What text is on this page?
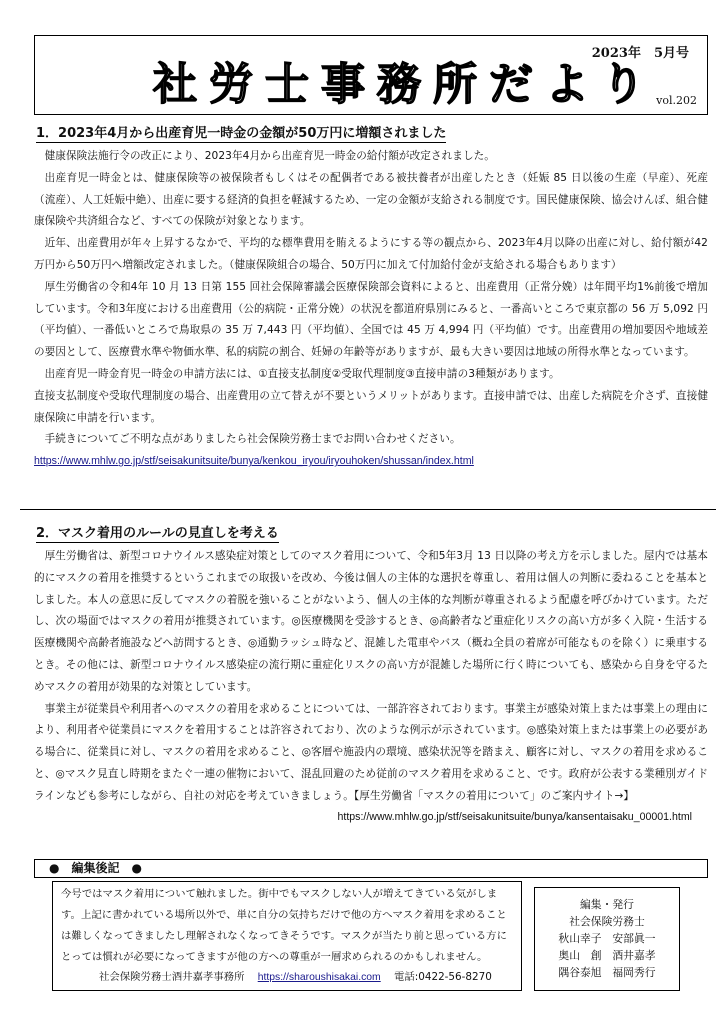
社労士事務所だより
2023年　5月号
vol.202
1．2023年4月から出産育児一時金の金額が50万円に増額されました

健康保険法施行令の改正により、2023年4月から出産育児一時金の給付額が改定されました。

出産育児一時金とは、健康保険等の被保険者もしくはその配偶者である被扶養者が出産したとき（妊娠 85 日以後の生産（早産）、死産（流産）、人工妊娠中絶）、出産に要する経済的負担を軽減するため、一定の金額が支給される制度です。国民健康保険、協会けんぽ、組合健康保険や共済組合など、すべての保険が対象となります。

近年、出産費用が年々上昇するなかで、平均的な標準費用を賄えるようにする等の観点から、2023年4月以降の出産に対し、給付額が42万円から50万円へ増額改定されました。（健康保険組合の場合、50万円に加えて付加給付金が支給される場合もあります）

厚生労働省の令和4年 10 月 13 日第 155 回社会保障審議会医療保険部会資料によると、出産費用（正常分娩）は年間平均1%前後で増加しています。令和3年度における出産費用（公的病院・正常分娩）の状況を都道府県別にみると、一番高いところで東京都の 56 万 5,092 円（平均値）、一番低いところで鳥取県の 35 万 7,443 円（平均値）、全国では 45 万 4,994 円（平均値）です。出産費用の増加要因や地域差の要因として、医療費水準や物価水準、私的病院の割合、妊婦の年齢等がありますが、最も大きい要因は地域の所得水準となっています。

出産育児一時金育児一時金の申請方法には、①直接支払制度②受取代理制度③直接申請の3種類があります。

直接支払制度や受取代理制度の場合、出産費用の立て替えが不要というメリットがあります。直接申請では、出産した病院を介さず、直接健康保険に申請を行います。

手続きについてご不明な点がありましたら社会保険労務士までお問い合わせください。

https://www.mhlw.go.jp/stf/seisakunitsuite/bunya/kenkou_iryou/iryouhoken/shussan/index.html
2．マスク着用のルールの見直しを考える

厚生労働省は、新型コロナウイルス感染症対策としてのマスク着用について、令和5年3月 13 日以降の考え方を示しました。屋内では基本的にマスクの着用を推奨するというこれまでの取扱いを改め、今後は個人の主体的な選択を尊重し、着用は個人の判断に委ねることを基本としました。本人の意思に反してマスクの着脱を強いることがないよう、個人の主体的な判断が尊重されるよう配慮を呼びかけています。ただし、次の場面ではマスクの着用が推奨されています。◎医療機関を受診するとき、◎高齢者など重症化リスクの高い方が多く入院・生活する医療機関や高齢者施設などへ訪問するとき、◎通勤ラッシュ時など、混雑した電車やバス（概ね全員の着席が可能なものを除く）に乗車するとき。その他には、新型コロナウイルス感染症の流行期に重症化リスクの高い方が混雑した場所に行く時についても、感染から自身を守るためマスクの着用が効果的な対策としています。

事業主が従業員や利用者へのマスクの着用を求めることについては、一部許容されております。事業主が感染対策上または事業上の理由により、利用者や従業員にマスクを着用することは許容されており、次のような例示が示されています。◎感染対策上または事業上の必要がある場合に、従業員に対し、マスクの着用を求めること、◎客層や施設内の環境、感染状況等を踏まえ、顧客に対し、マスクの着用を求めること、◎マスク見直し時期をまたぐ一連の催物において、混乱回避のため従前のマスク着用を求めること、です。政府が公表する業種別ガイドラインなども参考にしながら、自社の対応を考えていきましょう。【厚生労働省「マスクの着用について」のご案内サイト→】

https://www.mhlw.go.jp/stf/seisakunitsuite/bunya/kansentaisaku_00001.html
●　編集後記　●

今号ではマスク着用について触れました。街中でもマスクしない人が増えてきている気がします。上記に書かれている場所以外で、単に自分の気持ちだけで他の方へマスク着用を求めることは難しくなってきましたし理解されなくなってきそうです。マスクが当たり前と思っている方にとっては慣れが必要になってきますが他の方への尊重が一層求められるのかもしれません。

社会保険労務士酒井嘉孝事務所 https://sharoushisakai.com 電話:0422-56-8270
編集・発行
社会保険労務士
秋山幸子　安部眞一
奥山　創　酒井嘉孝
隅谷泰旭　福岡秀行
